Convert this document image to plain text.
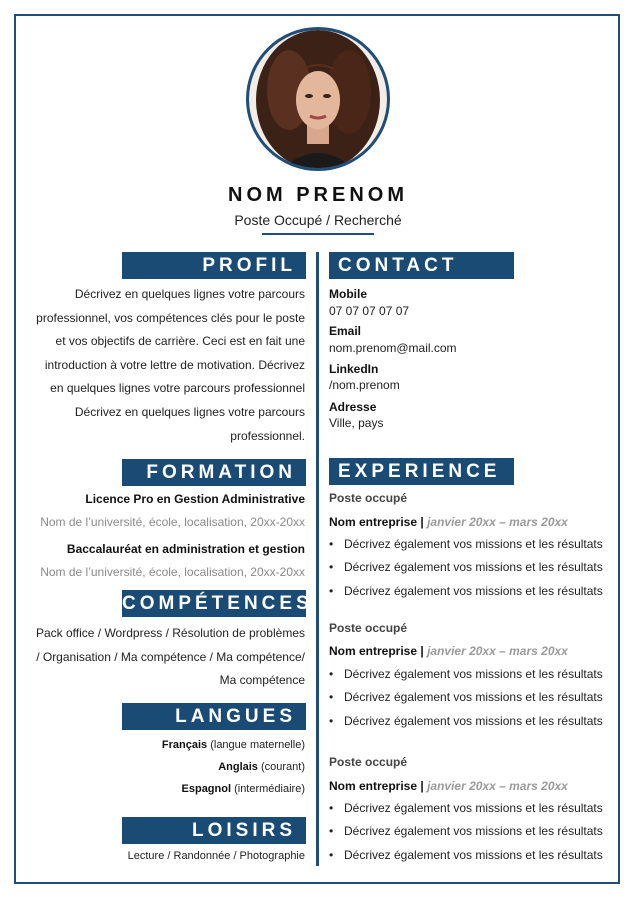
NOM PRENOM
Poste Occupé / Recherché
PROFIL
Décrivez en quelques lignes votre parcours
professionnel, vos compétences clés pour le poste
et vos objectifs de carrière. Ceci est en fait une
introduction à votre lettre de motivation. Décrivez
en quelques lignes votre parcours professionnel
Décrivez en quelques lignes votre parcours
professionnel.
FORMATION
Licence Pro en Gestion Administrative
Nom de l’université, école, localisation, 20xx-20xx
Baccalauréat en administration et gestion
Nom de l’université, école, localisation, 20xx-20xx
COMPÉTENCES
Pack office / Wordpress / Résolution de problèmes
/ Organisation / Ma compétence / Ma compétence/
Ma compétence
LANGUES
Français (langue maternelle)
Anglais (courant)
Espagnol (intermédiaire)
LOISIRS
Lecture / Randonnée / Photographie
CONTACT
Mobile
07 07 07 07 07
Email
nom.prenom@mail.com
LinkedIn
/nom.prenom
Adresse
Ville, pays
EXPERIENCE
Poste occupé
Nom entreprise | janvier 20xx – mars 20xx
• Décrivez également vos missions et les résultats
• Décrivez également vos missions et les résultats
• Décrivez également vos missions et les résultats
Poste occupé
Nom entreprise | janvier 20xx – mars 20xx
• Décrivez également vos missions et les résultats
• Décrivez également vos missions et les résultats
• Décrivez également vos missions et les résultats
Poste occupé
Nom entreprise | janvier 20xx – mars 20xx
• Décrivez également vos missions et les résultats
• Décrivez également vos missions et les résultats
• Décrivez également vos missions et les résultats
